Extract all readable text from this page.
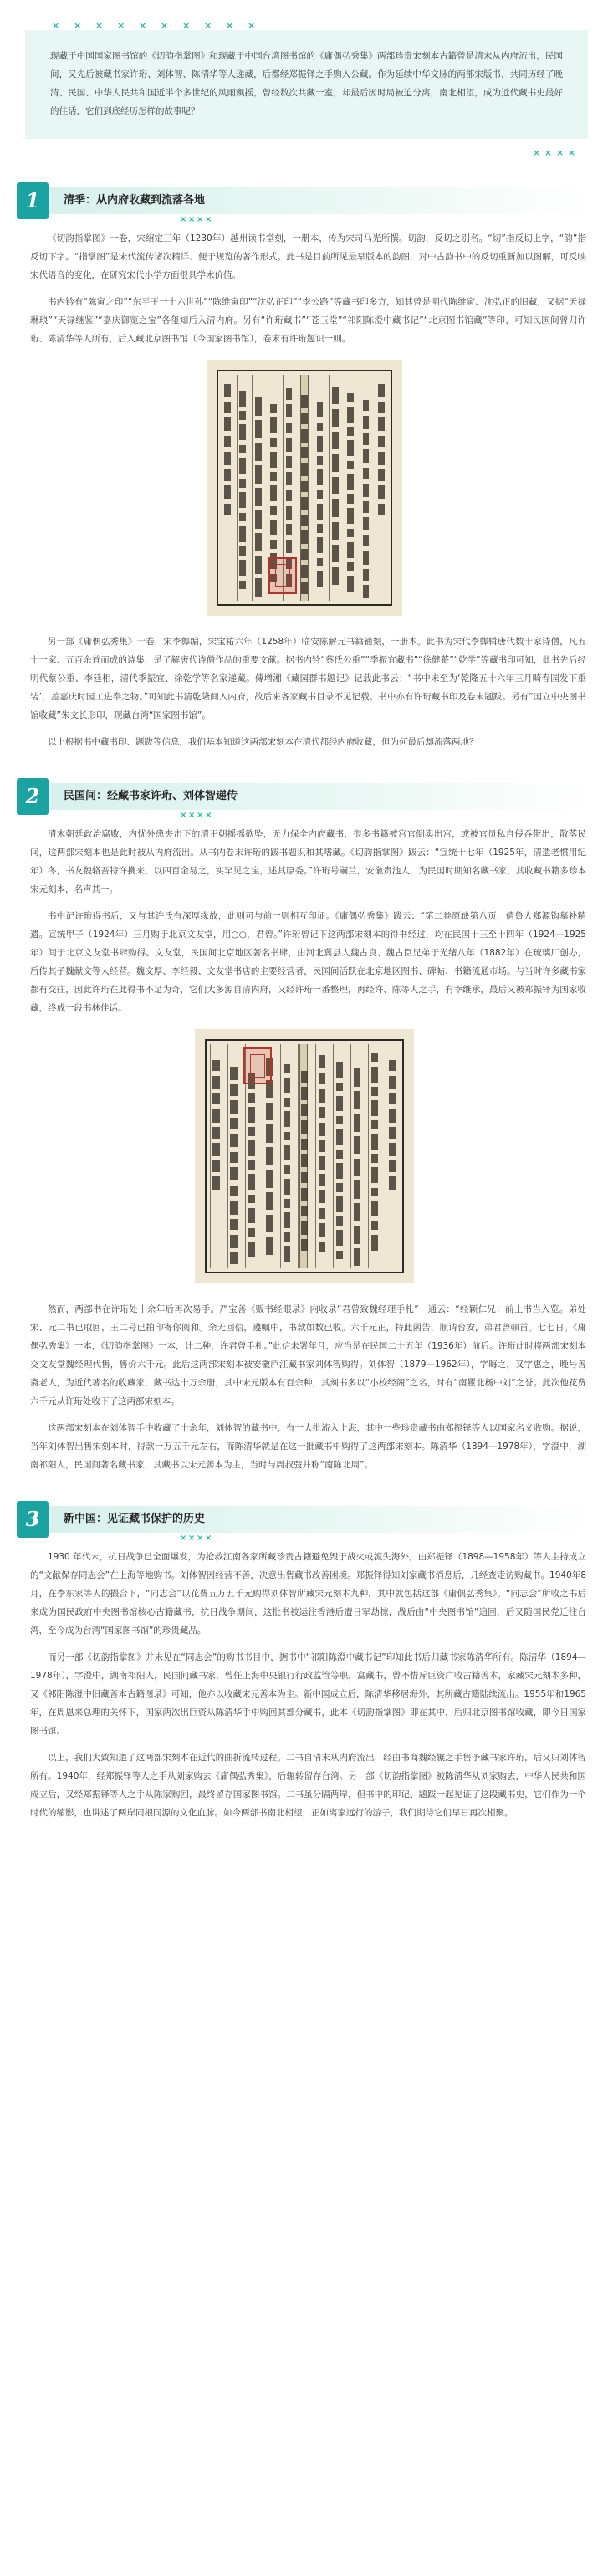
× × × × × × × × × ×
现藏于中国国家图书馆的《切韵指掌图》和现藏于中国台湾图书馆的《庸偶弘秀集》两部珍贵宋刻本古籍曾是清末从内府流出，民国间，又先后被藏书家许珩、刘体智、陈清华等人递藏，后都经郑振铎之手购入公藏。作为延续中华文脉的两部宋版书，共同历经了晚清、民国、中华人民共和国近半个多世纪的风雨飘摇，曾经数次共藏一室，却最后因时局被迫分离，南北相望，成为近代藏书史最好的佳话，它们到底经历怎样的故事呢？
× × × ×
1	清季：从内府收藏到流落各地
× × × ×

《切韵指掌图》一卷，宋绍定三年（1230年）越州读书堂刻，一册本，传为宋司马光所撰。切韵，反切之别名。“切”指反切上字，“韵”指反切下字。“指掌图”是宋代流传诸次精详、便于规览的著作形式。此书是目前所见最早版本的韵图，对中古韵书中的反切重新加以图解，可反映宋代语音的变化，在研究宋代小学方面很具学术价值。

书内钤有“陈寅之印”“东平王一十六世孙”“陈维寅印”“沈弘正印”“李公路”等藏书印多方，知其曾是明代陈维寅、沈弘正的旧藏，又据“天禄琳琅”“天禄继鉴”“嘉庆御览之宝”各玺知后入清内府。另有“许珩藏书”“苍玉堂”“祁阳陈澄中藏书记”“北京图书馆藏”等印，可知民国间曾归许珩、陈清华等人所有，后入藏北京图书馆（今国家图书馆），卷末有许珩题识一则。

另一部《庸偶弘秀集》十卷，宋李龏编，宋宝祐六年（1258年）临安陈解元书籍铺刻，一册本。此书为宋代李龏辑唐代数十家诗僧，凡五十一家、五百余首而成的诗集，是了解唐代诗僧作品的重要文献。据书内钤“蔡氏公重”“季振宜藏书”“徐健菴”“乾学”等藏书印可知，此书先后经明代蔡公重、李廷相，清代季振宜、徐乾学等名家递藏。傅增湘《藏园群书题记》记载此书云：“书中未至为‘乾隆五十六年三月畸春园发下重装’，盖嘉庆时园工进奉之物。”可知此书清乾隆间入内府，故后来各家藏书目录不见记载。书中亦有许珩藏书印及卷末题跋。另有“国立中央图书馆收藏”朱文长形印，现藏台湾“国家图书馆”。

以上根据书中藏书印、题跋等信息，我们基本知道这两部宋刻本在清代都经内府收藏，但为何最后却流落两地？

2	民国间：经藏书家许珩、刘体智递传
× × × ×

清末朝廷政治腐败，内忧外患夹击下的清王朝摇摇欲坠，无力保全内府藏书，很多书籍被宫官倒卖出宫，或被官员私自侵吞带出，散落民间，这两部宋刻本也是此时被从内府流出。从书内卷末许珩的跋书题识和其嗜藏。《切韵指掌图》跋云：“宣统十七年（1925年，清遗老惯用纪年）冬，书友魏辂吾特许携来，以四百金易之，实罕见之宝，述其原委。”许珩号嗣兰，安徽贵池人，为民国时期知名藏书家，其收藏书籍多珍本宋元刻本，名声其一。

书中记许珩得书后，又与其许氏有深厚缘故，此则可与前一则相互印证。《庸偶弘秀集》跋云：“第二卷原缺第八页，倩鲁人郑源钩摹补精遗。宣统甲子（1924年）三月购于北京文友堂，用○○，君曾。”许珩曾记下这两部宋刻本的得书经过，均在民国十三至十四年（1924—1925年）间于北京文友堂书肆购得。文友堂，民国间北京地区著名书肆，由河北冀县人魏占良、魏占臣兄弟于光绪八年（1882年）在琉璃厂创办，后传其子魏献文等人经营。魏文厚、李经毅、文友堂书店的主要经营者，民国间活跃在北京地区图书、碑帖、书籍流通市场。与当时许多藏书家都有交往，因此许珩在此得书不足为奇，它们大多源自清内府，又经许珩一番整理，再经许、陈等人之手，有幸继承，最后又被郑振铎为国家收藏，终成一段书林佳话。

然而，两部书在许珩处十余年后再次易手。严宝善《贩书经眼录》内收录“君曾致魏经理手札”一通云：“经颖仁兄：前上书当入览。弟处宋、元二书已取回，王二号已拍印寄你阅和。余无回信，遵嘱中，书款如数已收。六千元正，特此函告，顺请台安，弟君曾顿首。七七日。《庸偶弘秀集》一本，《切韵指掌图》一本，计二种，许君曾手札。”此信未署年月，应当是在民国二十五年（1936年）前后。许珩此时将两部宋刻本交文友堂魏经理代售，售价六千元。此后这两部宋刻本被安徽庐江藏书家刘体智购得。刘体智（1879—1962年），字晦之，又字惠之，晚号善斋老人，为近代著名的收藏家，藏书达十万余册，其中宋元版本有百余种，其刻书多以“小校经阁”之名，时有“南瞿北杨中刘”之誉。此次他花费六千元从许珩处收下了这两部宋刻本。

这两部宋刻本在刘体智手中收藏了十余年，刘体智的藏书中，有一大批流入上海，其中一些珍贵藏书由郑振铎等人以国家名义收购。据说，当年刘体智出售宋刻本时，得款一万五千元左右，而陈清华就是在这一批藏书中购得了这两部宋刻本。陈清华（1894—1978年），字澄中，湖南祁阳人，民国间著名藏书家，其藏书以宋元善本为主，当时与周叔弢并称“南陈北周”。

3	新中国：见证藏书保护的历史
× × × ×

1930 年代末，抗日战争已全面爆发，为抢救江南各家所藏珍贵古籍避免毁于战火或流失海外，由郑振铎（1898—1958年）等人主持成立的“文献保存同志会”在上海等地购书。刘体智因经营不善，决意出售藏书改善困境。郑振铎得知刘家藏书消息后，几经查走访购藏书。1940年8月，在李东家等人的撮合下，“同志会”以花费五万五千元购得刘体智所藏宋元刻本九种，其中就包括这部《庸偶弘秀集》。“同志会”所收之书后来成为国民政府中央图书馆核心古籍藏书，抗日战争期间，这批书被运往香港后遭日军劫掠，战后由“中央图书馆”追回，后又随国民党迁往台湾，至今成为台湾“国家图书馆”的珍贵藏品。

而另一部《切韵指掌图》并未见在“同志会”的购书书目中，据书中“祁阳陈澄中藏书记”印知此书后归藏书家陈清华所有。陈清华（1894—1978年），字澄中，湖南祁阳人，民国间藏书家，曾任上海中央银行行政监管等职，富藏书，曾不惜斥巨资广收古籍善本，家藏宋元刻本多种，又《祁阳陈澄中旧藏善本古籍图录》可知，他亦以收藏宋元善本为主。新中国成立后，陈清华移居海外，其所藏古籍陆续流出。1955年和1965年，在周恩来总理的关怀下，国家两次出巨资从陈清华手中购回其部分藏书，此本《切韵指掌图》即在其中，后归北京图书馆收藏，即今日国家图书馆。

以上，我们大致知道了这两部宋刻本在近代的曲折流转过程。二书自清末从内府流出，经由书商魏经辗之手售予藏书家许珩，后又归刘体智所有。1940年，经郑振铎等人之手从刘家购去《庸偶弘秀集》，后辗转留存台湾。另一部《切韵指掌图》被陈清华从刘家购去，中华人民共和国成立后，又经郑振铎等人之手从陈家购回，最终留存国家图书馆。二书虽分隔两岸，但书中的印记、题跋一起见证了这段藏书史，它们作为一个时代的缩影，也讲述了两岸同根同源的文化血脉。如今两部书南北相望，正如离家远行的游子，我们期待它们早日再次相聚。
